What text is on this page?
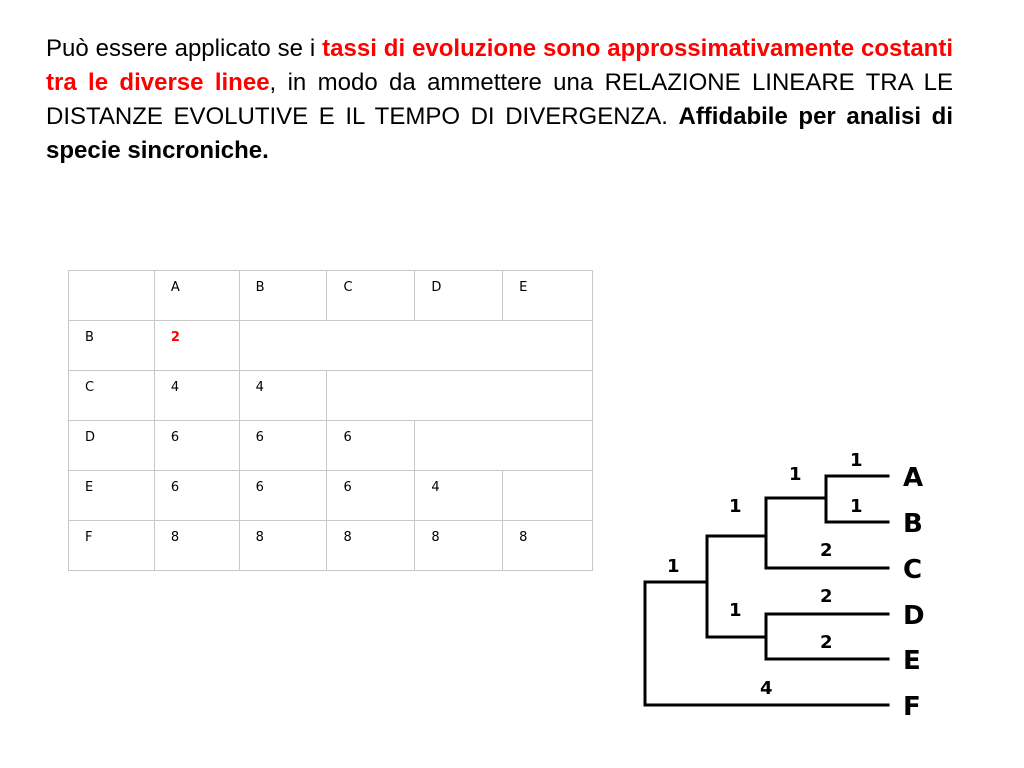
Può essere applicato se i tassi di evoluzione sono approssimativamente costanti tra le diverse linee, in modo da ammettere una RELAZIONE LINEARE TRA LE DISTANZE EVOLUTIVE E IL TEMPO DI DIVERGENZA. Affidabile per analisi di specie sincroniche.

	A	B	C	D	E
B	2				
C	4	4			
D	6	6	6		
E	6	6	6	4	
F	8	8	8	8	8
1
1
1
1
1
2
1
2
2
4
A
B
C
D
E
F
